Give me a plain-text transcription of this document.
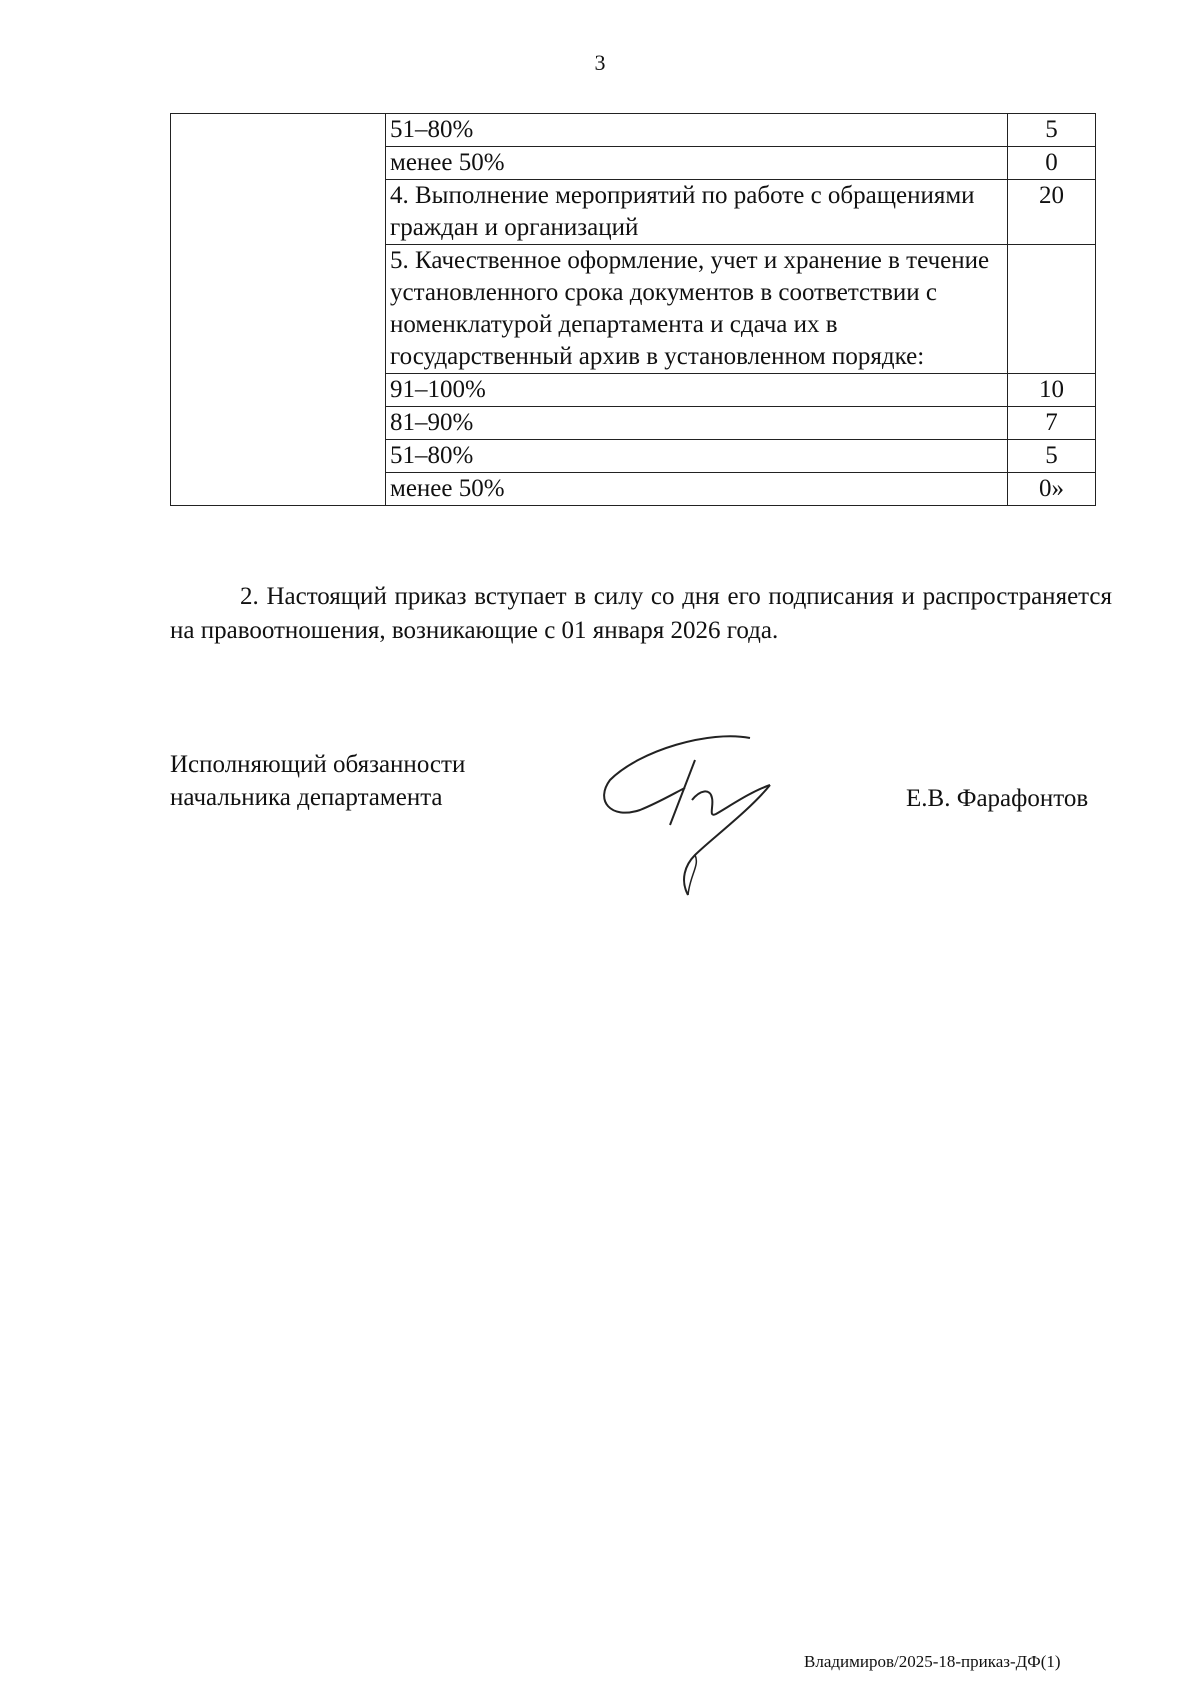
3
	51–80%	5
	менее 50%	0
	4. Выполнение мероприятий по работе с обращениями граждан и организаций	20
	5. Качественное оформление, учет и хранение в течение установленного срока документов в соответствии с номенклатурой департамента и сдача их в государственный архив в установленном порядке:	
	91–100%	10
	81–90%	7
	51–80%	5
	менее 50%	0»

2. Настоящий приказ вступает в силу со дня его подписания и распространяется на правоотношения, возникающие с 01 января 2026 года.

Исполняющий обязанности
начальника департамента	Е.В. Фарафонтов
Владимиров/2025-18-приказ-ДФ(1)
